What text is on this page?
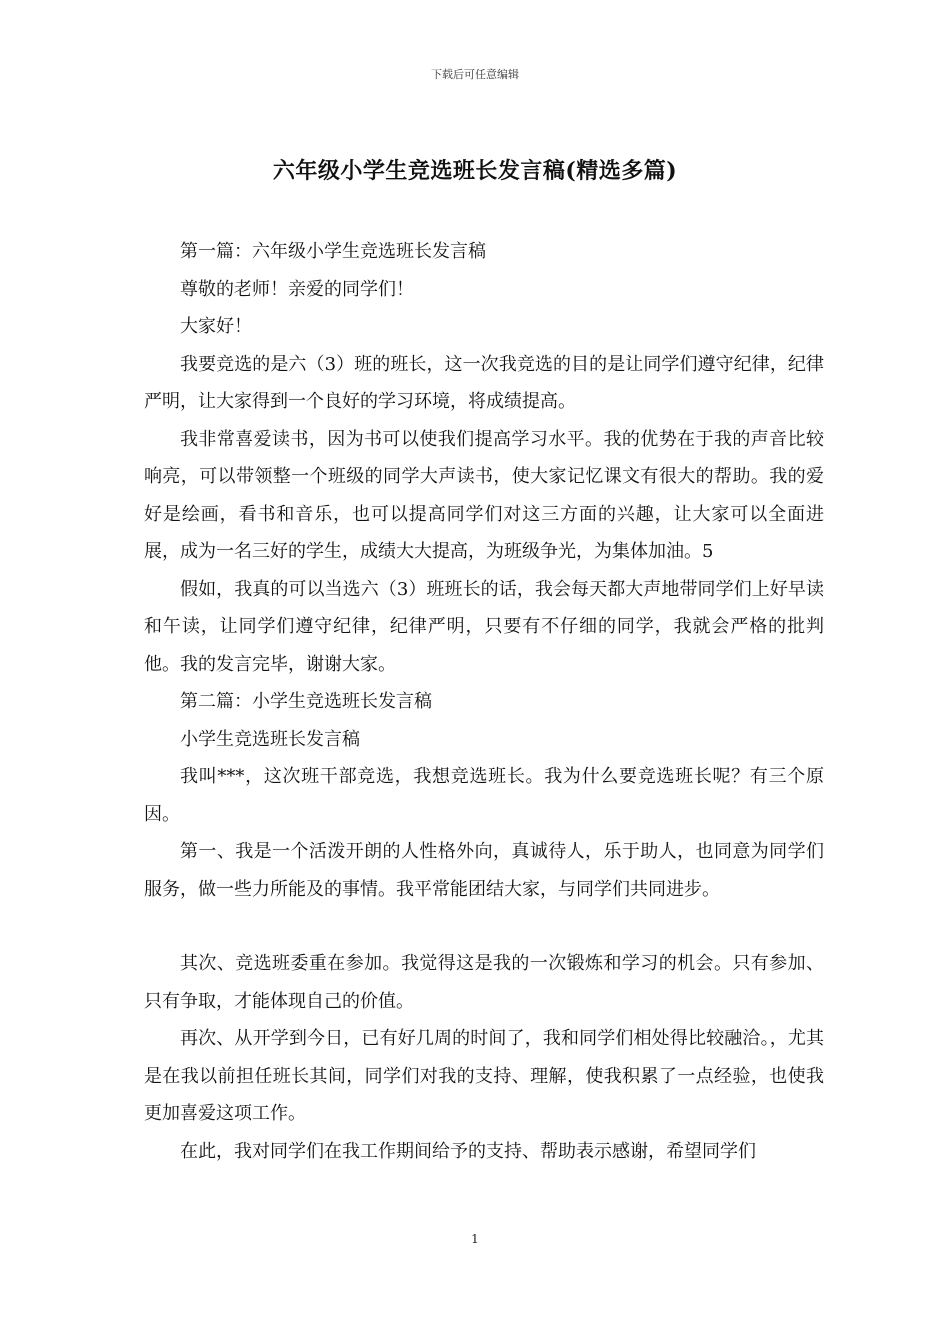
下载后可任意编辑
六年级小学生竞选班长发言稿(精选多篇)

第一篇：六年级小学生竞选班长发言稿

尊敬的老师！亲爱的同学们！

大家好！

我要竞选的是六（3）班的班长，这一次我竞选的目的是让同学们遵守纪律，纪律严明，让大家得到一个良好的学习环境，将成绩提高。

我非常喜爱读书，因为书可以使我们提高学习水平。我的优势在于我的声音比较响亮，可以带领整一个班级的同学大声读书，使大家记忆课文有很大的帮助。我的爱好是绘画，看书和音乐，也可以提高同学们对这三方面的兴趣，让大家可以全面进展，成为一名三好的学生，成绩大大提高，为班级争光，为集体加油。5

假如，我真的可以当选六（3）班班长的话，我会每天都大声地带同学们上好早读和午读，让同学们遵守纪律，纪律严明，只要有不仔细的同学，我就会严格的批判他。我的发言完毕，谢谢大家。

第二篇：小学生竞选班长发言稿

小学生竞选班长发言稿

我叫***，这次班干部竞选，我想竞选班长。我为什么要竞选班长呢？有三个原因。

第一、我是一个活泼开朗的人性格外向，真诚待人，乐于助人，也同意为同学们服务，做一些力所能及的事情。我平常能团结大家，与同学们共同进步。

其次、竞选班委重在参加。我觉得这是我的一次锻炼和学习的机会。只有参加、只有争取，才能体现自己的价值。

再次、从开学到今日，已有好几周的时间了，我和同学们相处得比较融洽。，尤其是在我以前担任班长其间，同学们对我的支持、理解，使我积累了一点经验，也使我更加喜爱这项工作。

在此，我对同学们在我工作期间给予的支持、帮助表示感谢，希望同学们

1
